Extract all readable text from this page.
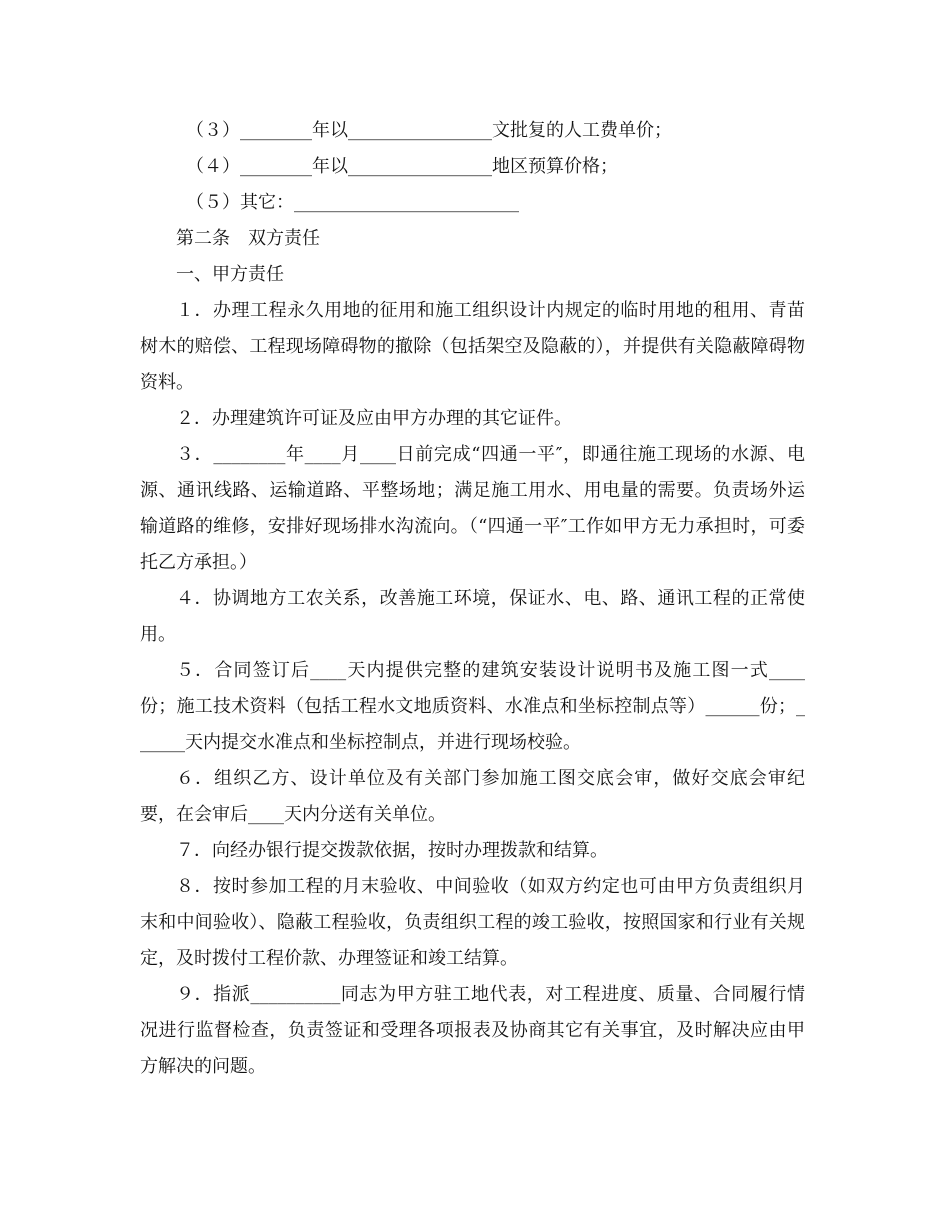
（３）________年以________________文批复的人工费单价；

（４）________年以________________地区预算价格；

（５）其它：_________________________

第二条　双方责任

一、甲方责任

１．办理工程永久用地的征用和施工组织设计内规定的临时用地的租用、青苗树木的赔偿、工程现场障碍物的撤除（包括架空及隐蔽的），并提供有关隐蔽障碍物资料。

２．办理建筑许可证及应由甲方办理的其它证件。

３．________年____月____日前完成“四通一平″，即通往施工现场的水源、电源、通讯线路、运输道路、平整场地；满足施工用水、用电量的需要。负责场外运输道路的维修，安排好现场排水沟流向。（“四通一平″工作如甲方无力承担时，可委托乙方承担。）

４．协调地方工农关系，改善施工环境，保证水、电、路、通讯工程的正常使用。

５．合同签订后____天内提供完整的建筑安装设计说明书及施工图一式____份；施工技术资料（包括工程水文地质资料、水准点和坐标控制点等）______份；______天内提交水准点和坐标控制点，并进行现场校验。

６．组织乙方、设计单位及有关部门参加施工图交底会审，做好交底会审纪要，在会审后____天内分送有关单位。

７．向经办银行提交拨款依据，按时办理拨款和结算。

８．按时参加工程的月末验收、中间验收（如双方约定也可由甲方负责组织月末和中间验收）、隐蔽工程验收，负责组织工程的竣工验收，按照国家和行业有关规定，及时拨付工程价款、办理签证和竣工结算。

９．指派__________同志为甲方驻工地代表，对工程进度、质量、合同履行情况进行监督检查，负责签证和受理各项报表及协商其它有关事宜，及时解决应由甲方解决的问题。
